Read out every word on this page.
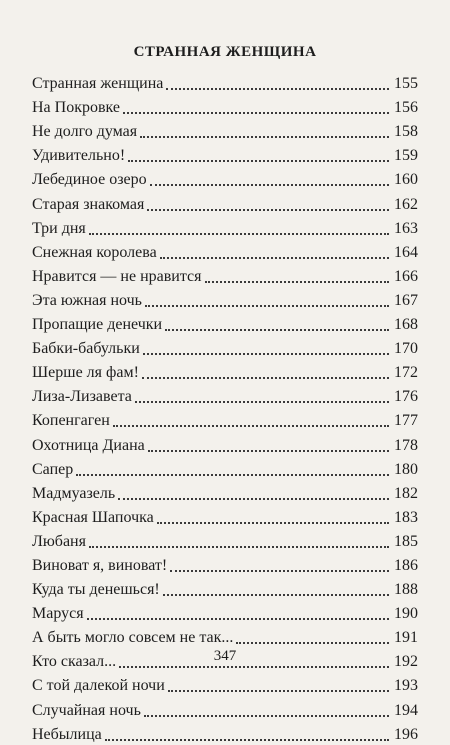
СТРАННАЯ ЖЕНЩИНА
Странная женщина	155
На Покровке	156
Не долго думая	158
Удивительно!	159
Лебединое озеро	160
Старая знакомая	162
Три дня	163
Снежная королева	164
Нравится — не нравится	166
Эта южная ночь	167
Пропащие денечки	168
Бабки-бабульки	170
Шерше ля фам!	172
Лиза-Лизавета	176
Копенгаген	177
Охотница Диана	178
Сапер	180
Мадмуазель	182
Красная Шапочка	183
Любаня	185
Виноват я, виноват!	186
Куда ты денешься!	188
Маруся	190
А быть могло совсем не так...	191
Кто сказал...	192
С той далекой ночи	193
Случайная ночь	194
Небылица	196
347
